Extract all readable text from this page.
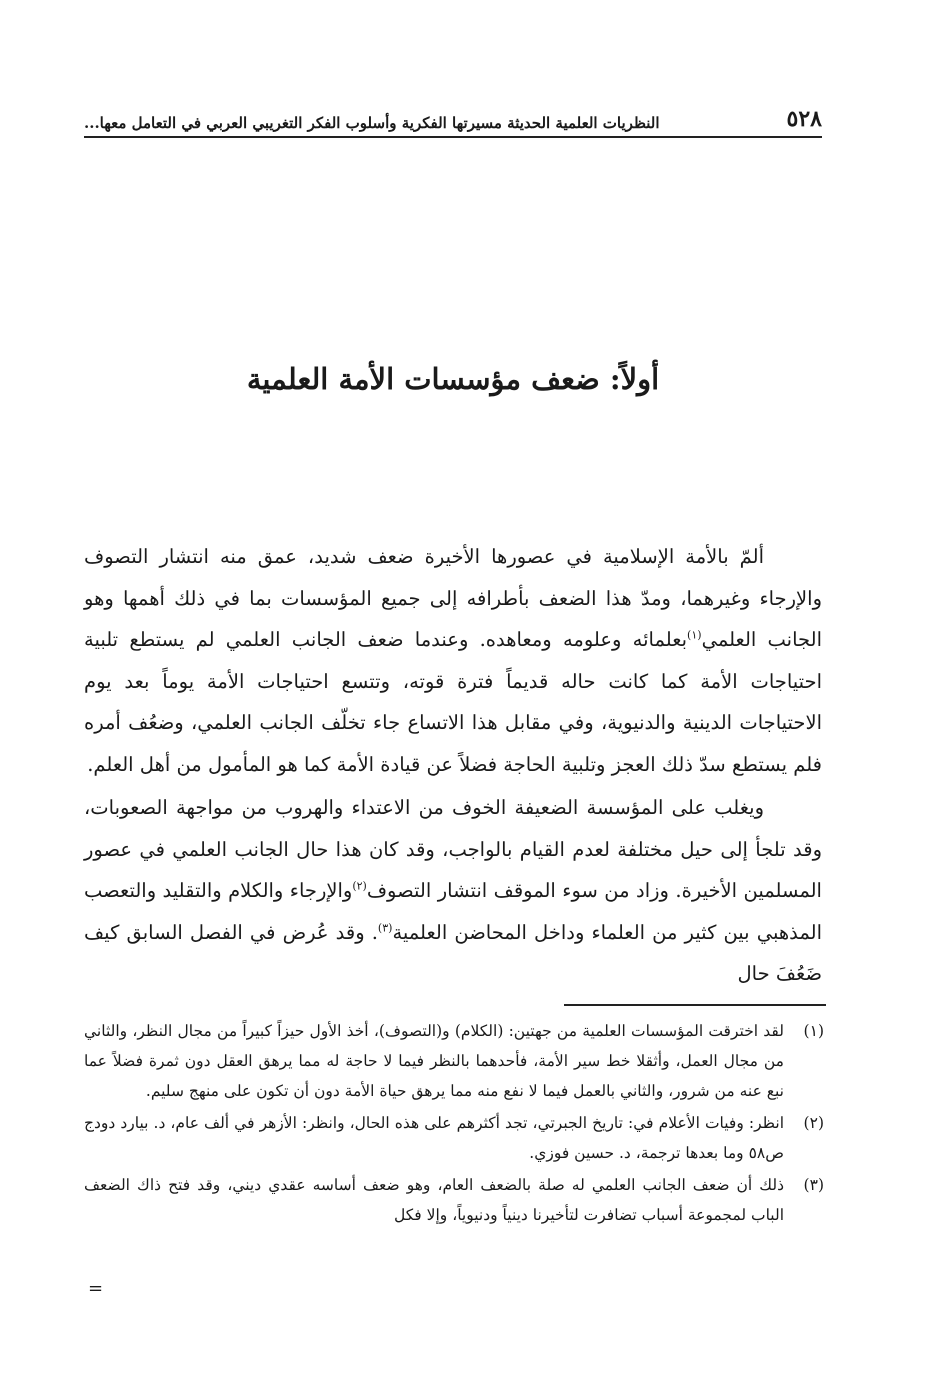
٥٢٨
النظريات العلمية الحديثة مسيرتها الفكرية وأسلوب الفكر التغريبي العربي في التعامل معها...
أولاً: ضعف مؤسسات الأمة العلمية

ألمّ بالأمة الإسلامية في عصورها الأخيرة ضعف شديد، عمق منه انتشار التصوف والإرجاء وغيرهما، ومدّ هذا الضعف بأطرافه إلى جميع المؤسسات بما في ذلك أهمها وهو الجانب العلمي$^{(١)}$بعلمائه وعلومه ومعاهده. وعندما ضعف الجانب العلمي لم يستطع تلبية احتياجات الأمة كما كانت حاله قديماً فترة قوته، وتتسع احتياجات الأمة يوماً بعد يوم الاحتياجات الدينية والدنيوية، وفي مقابل هذا الاتساع جاء تخلّف الجانب العلمي، وضعُف أمره فلم يستطع سدّ ذلك العجز وتلبية الحاجة فضلاً عن قيادة الأمة كما هو المأمول من أهل العلم.

ويغلب على المؤسسة الضعيفة الخوف من الاعتداء والهروب من مواجهة الصعوبات، وقد تلجأ إلى حيل مختلفة لعدم القيام بالواجب، وقد كان هذا حال الجانب العلمي في عصور المسلمين الأخيرة. وزاد من سوء الموقف انتشار التصوف$^{(٢)}$والإرجاء والكلام والتقليد والتعصب المذهبي بين كثير من العلماء وداخل المحاضن العلمية$^{(٣)}$. وقد عُرض في الفصل السابق كيف ضَعُفَ حال

(١)
لقد اخترقت المؤسسات العلمية من جهتين: (الكلام) و(التصوف)، أخذ الأول حيزاً كبيراً من مجال النظر، والثاني من مجال العمل، وأثقلا خط سير الأمة، فأحدهما بالنظر فيما لا حاجة له مما يرهق العقل دون ثمرة فضلاً عما نبع عنه من شرور، والثاني بالعمل فيما لا نفع منه مما يرهق حياة الأمة دون أن تكون على منهج سليم.
(٢)
انظر: وفيات الأعلام في: تاريخ الجبرتي، تجد أكثرهم على هذه الحال، وانظر: الأزهر في ألف عام، د. بيارد دودج ص٥٨ وما بعدها ترجمة، د. حسين فوزي.
(٣)
ذلك أن ضعف الجانب العلمي له صلة بالضعف العام، وهو ضعف أساسه عقدي ديني، وقد فتح ذاك الضعف الباب لمجموعة أسباب تضافرت لتأخيرنا دينياً ودنيوياً، وإلا فكل
=
